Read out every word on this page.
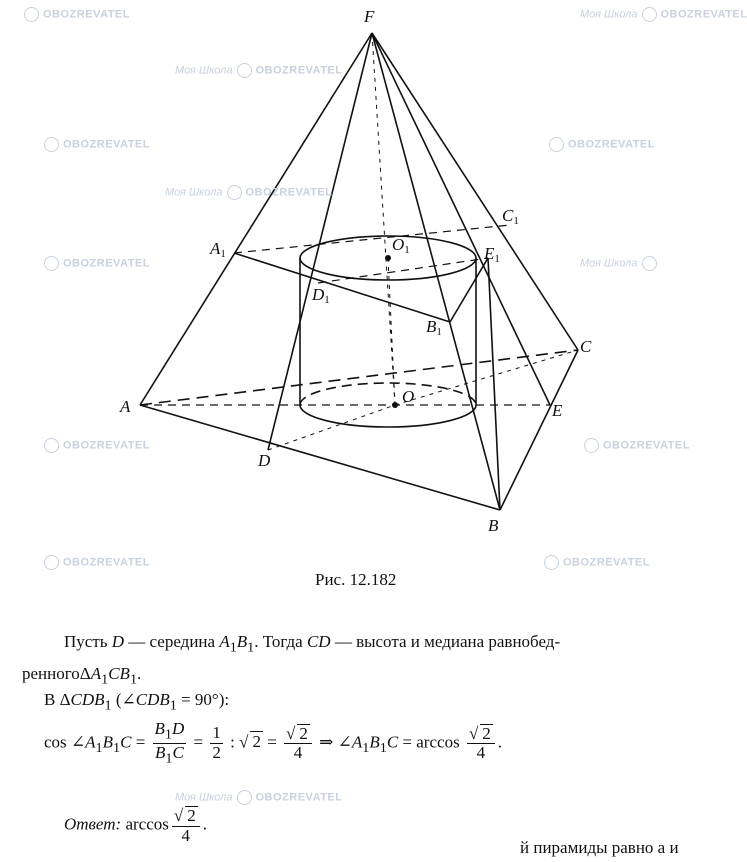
F
$A_1$
$C_1$
$O_1$	$E_1$
$D_1$
$B_1$
C
A
O
E
D
B
OBOZREVATEL	Моя Школа OBOZREVATEL
Моя Школа OBOZREVATEL
OBOZREVATEL	OBOZREVATEL
Моя Школа OBOZREVATEL
OBOZREVATEL	Моя Школа
OBOZREVATEL	OBOZREVATEL
OBOZREVATEL	OBOZREVATEL
Моя Школа OBOZREVATEL
Рис. 12.182
Пусть D — середина $A_1B_1$. Тогда CD — высота и медиана равнобед-
$ренного\Delta A_1CB_1$.
В $\Delta CDB_1$ $(\angle CDB_1 = 90^\circ)$:
$\cos \angle A_1B_1C = \frac{B_1D}{B_1C} = \frac{1}{2}$ : √ $2 = \frac{√ 2}{4}$ ⇒ $\angle A_1B_1C = \arccos \frac{√ 2}{4}$ .
Ответ: $\arccos \frac{√ 2}{4}$ .
й пирамиды равно a и
